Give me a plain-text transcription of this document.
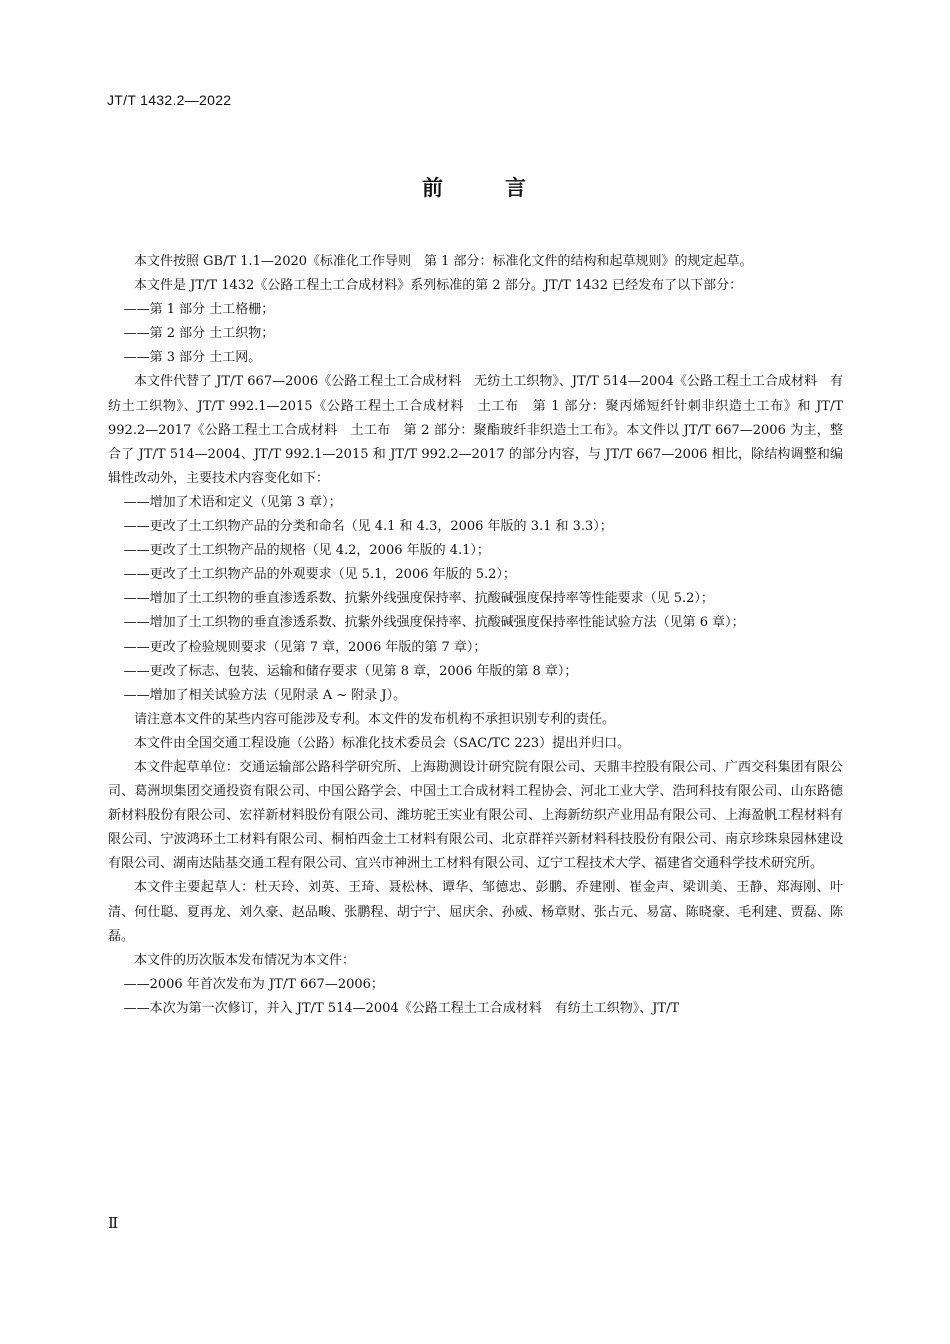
JT/T 1432.2—2022
前	言

本文件按照 GB/T 1.1—2020《标准化工作导则　第 1 部分：标准化文件的结构和起草规则》的规定起草。

本文件是 JT/T 1432《公路工程土工合成材料》系列标准的第 2 部分。JT/T 1432 已经发布了以下部分：

——第 1 部分 土工格栅；
——第 2 部分 土工织物；
——第 3 部分 土工网。

本文件代替了 JT/T 667—2006《公路工程土工合成材料　无纺土工织物》、JT/T 514—2004《公路工程土工合成材料　有纺土工织物》、JT/T 992.1—2015《公路工程土工合成材料　土工布　第 1 部分：聚丙烯短纤针刺非织造土工布》和 JT/T 992.2—2017《公路工程土工合成材料　土工布　第 2 部分：聚酯玻纤非织造土工布》。本文件以 JT/T 667—2006 为主，整合了 JT/T 514—2004、JT/T 992.1—2015 和 JT/T 992.2—2017 的部分内容，与 JT/T 667—2006 相比，除结构调整和编辑性改动外，主要技术内容变化如下：

——增加了术语和定义（见第 3 章）；
——更改了土工织物产品的分类和命名（见 4.1 和 4.3，2006 年版的 3.1 和 3.3）；
——更改了土工织物产品的规格（见 4.2，2006 年版的 4.1）；
——更改了土工织物产品的外观要求（见 5.1，2006 年版的 5.2）；
——增加了土工织物的垂直渗透系数、抗紫外线强度保持率、抗酸碱强度保持率等性能要求（见 5.2）；
——增加了土工织物的垂直渗透系数、抗紫外线强度保持率、抗酸碱强度保持率性能试验方法（见第 6 章）；
——更改了检验规则要求（见第 7 章，2006 年版的第 7 章）；
——更改了标志、包装、运输和储存要求（见第 8 章，2006 年版的第 8 章）；
——增加了相关试验方法（见附录 A ~ 附录 J）。

请注意本文件的某些内容可能涉及专利。本文件的发布机构不承担识别专利的责任。

本文件由全国交通工程设施（公路）标准化技术委员会（SAC/TC 223）提出并归口。

本文件起草单位：交通运输部公路科学研究所、上海勘测设计研究院有限公司、天鼎丰控股有限公司、广西交科集团有限公司、葛洲坝集团交通投资有限公司、中国公路学会、中国土工合成材料工程协会、河北工业大学、浩珂科技有限公司、山东路德新材料股份有限公司、宏祥新材料股份有限公司、潍坊驼王实业有限公司、上海新纺织产业用品有限公司、上海盈帆工程材料有限公司、宁波鸿环土工材料有限公司、桐柏西金土工材料有限公司、北京群祥兴新材料科技股份有限公司、南京珍珠泉园林建设有限公司、湖南达陆基交通工程有限公司、宜兴市神洲土工材料有限公司、辽宁工程技术大学、福建省交通科学技术研究所。

本文件主要起草人：杜天玲、刘英、王琦、聂松林、谭华、邹德忠、彭鹏、乔建刚、崔金声、梁训美、王静、郑海刚、叶清、何仕聪、夏再龙、刘久豪、赵品畯、张鹏程、胡宁宁、屈庆余、孙威、杨章财、张占元、易富、陈晓豪、毛利建、贾磊、陈磊。

本文件的历次版本发布情况为本文件：

——2006 年首次发布为 JT/T 667—2006；
——本次为第一次修订，并入 JT/T 514—2004《公路工程土工合成材料　有纺土工织物》、JT/T
Ⅱ
